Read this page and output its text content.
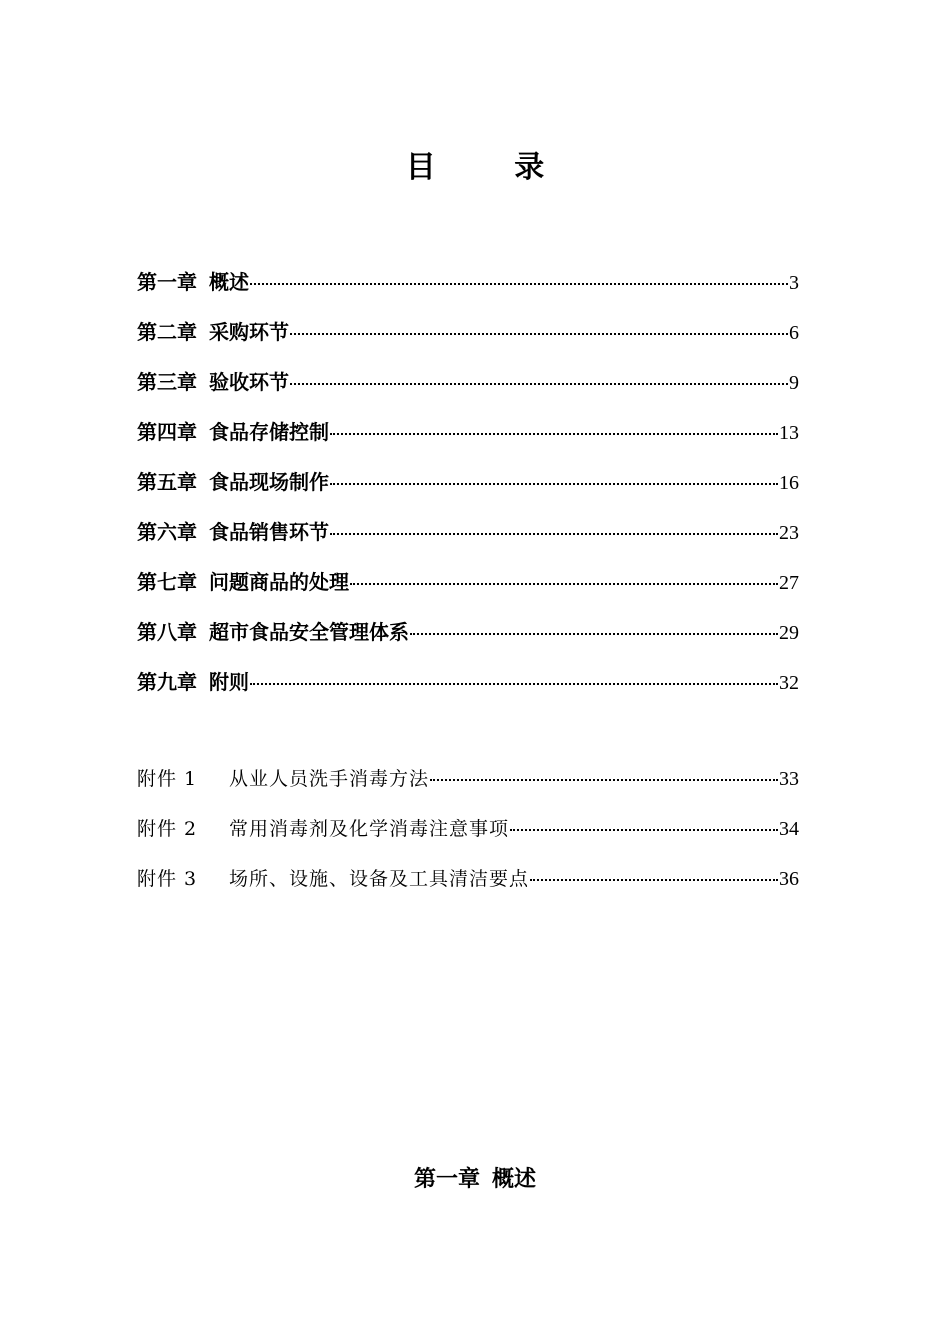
目 录
第一章 概述	3
第二章 采购环节	6
第三章 验收环节	9
第四章 食品存储控制	13
第五章 食品现场制作	16
第六章 食品销售环节	23
第七章 问题商品的处理	27
第八章 超市食品安全管理体系	29
第九章 附则	32
附件 1	从业人员洗手消毒方法	33
附件 2	常用消毒剂及化学消毒注意事项	34
附件 3	场所、设施、设备及工具清洁要点	36
第一章 概述
